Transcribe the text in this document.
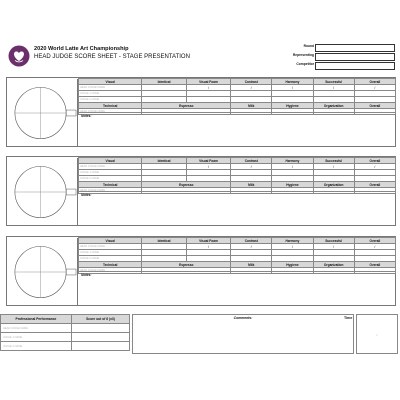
2020 World Latte Art Championship
HEAD JUDGE SCORE SHEET - STAGE PRESENTATION
Round
Representing
Competitor
Visual	Identical	Visual Foam	Contrast	Harmony	Successful	Overall
HEAD JUDGE NAME		/	/	/	/	/
JUDGE 1 NAME						
JUDGE 2 NAME						
Technical	Espresso		Milk	Hygiene	Organization	Overall
HEAD JUDGE NAME						
Notes:
Visual	Identical	Visual Foam	Contrast	Harmony	Successful	Overall
HEAD JUDGE NAME		/	/	/	/	/
JUDGE 1 NAME						
JUDGE 2 NAME						
Technical	Espresso		Milk	Hygiene	Organization	Overall
HEAD JUDGE NAME						
Notes:
Visual	Identical	Visual Foam	Contrast	Harmony	Successful	Overall
HEAD JUDGE NAME		/	/	/	/	/
JUDGE 1 NAME						
JUDGE 2 NAME						
Technical	Espresso		Milk	Hygiene	Organization	Overall
HEAD JUDGE NAME						
Notes:
Professional Performance	Score out of 6 (x3)
HEAD JUDGE NAME	
JUDGE 1 NAME	
JUDGE 2 NAME	
Comments:	Time
:
